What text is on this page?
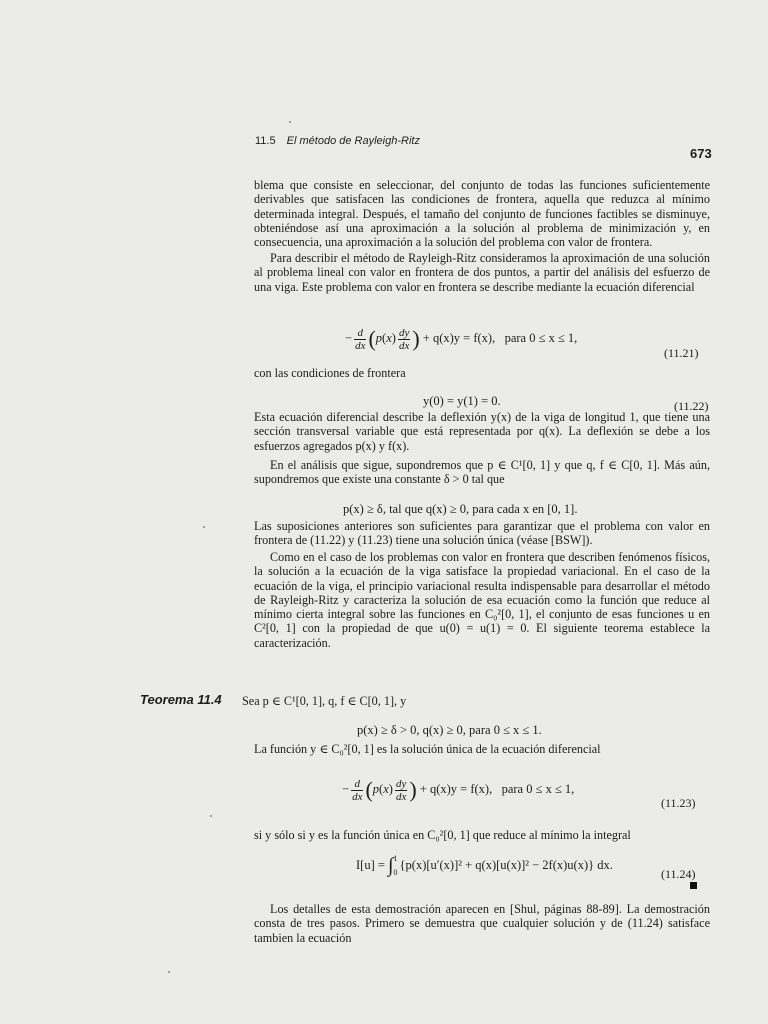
11.5 El método de Rayleigh-Ritz
673

blema que consiste en seleccionar, del conjunto de todas las funciones suficientemente derivables que satisfacen las condiciones de frontera, aquella que reduzca al mínimo determinada integral. Después, el tamaño del conjunto de funciones factibles se disminuye, obteniéndose así una aproximación a la solución al problema de minimización y, en consecuencia, una aproximación a la solución del problema con valor de frontera.

Para describir el método de Rayleigh-Ritz consideramos la aproximación de una solución al problema lineal con valor en frontera de dos puntos, a partir del análisis del esfuerzo de una viga. Este problema con valor en frontera se describe mediante la ecuación diferencial

− $\frac{d}{dx} (p(x) \frac{dy}{dx}$ ) + q(x)y = f(x), para 0 ≤ x ≤ 1,
(11.21)

con las condiciones de frontera

y(0) = y(1) = 0.	(11.22)

Esta ecuación diferencial describe la deflexión y(x) de la viga de longitud 1, que tiene una sección transversal variable que está representada por q(x). La deflexión se debe a los esfuerzos agregados p(x) y f(x).

En el análisis que sigue, supondremos que p ∈ C¹[0, 1] y que q, f ∈ C[0, 1]. Más aún, supondremos que existe una constante δ > 0 tal que

p(x) ≥ δ, tal que q(x) ≥ 0, para cada x en [0, 1].

Las suposiciones anteriores son suficientes para garantizar que el problema con valor en frontera de (11.22) y (11.23) tiene una solución única (véase [BSW]).

Como en el caso de los problemas con valor en frontera que describen fenómenos físicos, la solución a la ecuación de la viga satisface la propiedad variacional. En el caso de la ecuación de la viga, el principio variacional resulta indispensable para desarrollar el método de Rayleigh-Ritz y caracteriza la solución de esa ecuación como la función que reduce al mínimo cierta integral sobre las funciones en C₀²[0, 1], el conjunto de esas funciones u en C²[0, 1] con la propiedad de que u(0) = u(1) = 0. El siguiente teorema establece la caracterización.

Teorema 11.4 Sea p ∈ C¹[0, 1], q, f ∈ C[0, 1], y
p(x) ≥ δ > 0, q(x) ≥ 0, para 0 ≤ x ≤ 1.

La función y ∈ C₀²[0, 1] es la solución única de la ecuación diferencial

− $\frac{d}{dx} (p(x) \frac{dy}{dx}$ ) + q(x)y = f(x), para 0 ≤ x ≤ 1,
(11.23)

si y sólo si y es la función única en C₀²[0, 1] que reduce al mínimo la integral

I[u] = ∫ 1
0
{p(x)[u′(x)]² + q(x)[u(x)]² − 2f(x)u(x)} dx.
(11.24)

Los detalles de esta demostración aparecen en [Shul, páginas 88-89]. La demostración consta de tres pasos. Primero se demuestra que cualquier solución y de (11.24) satisface tambien la ecuación
